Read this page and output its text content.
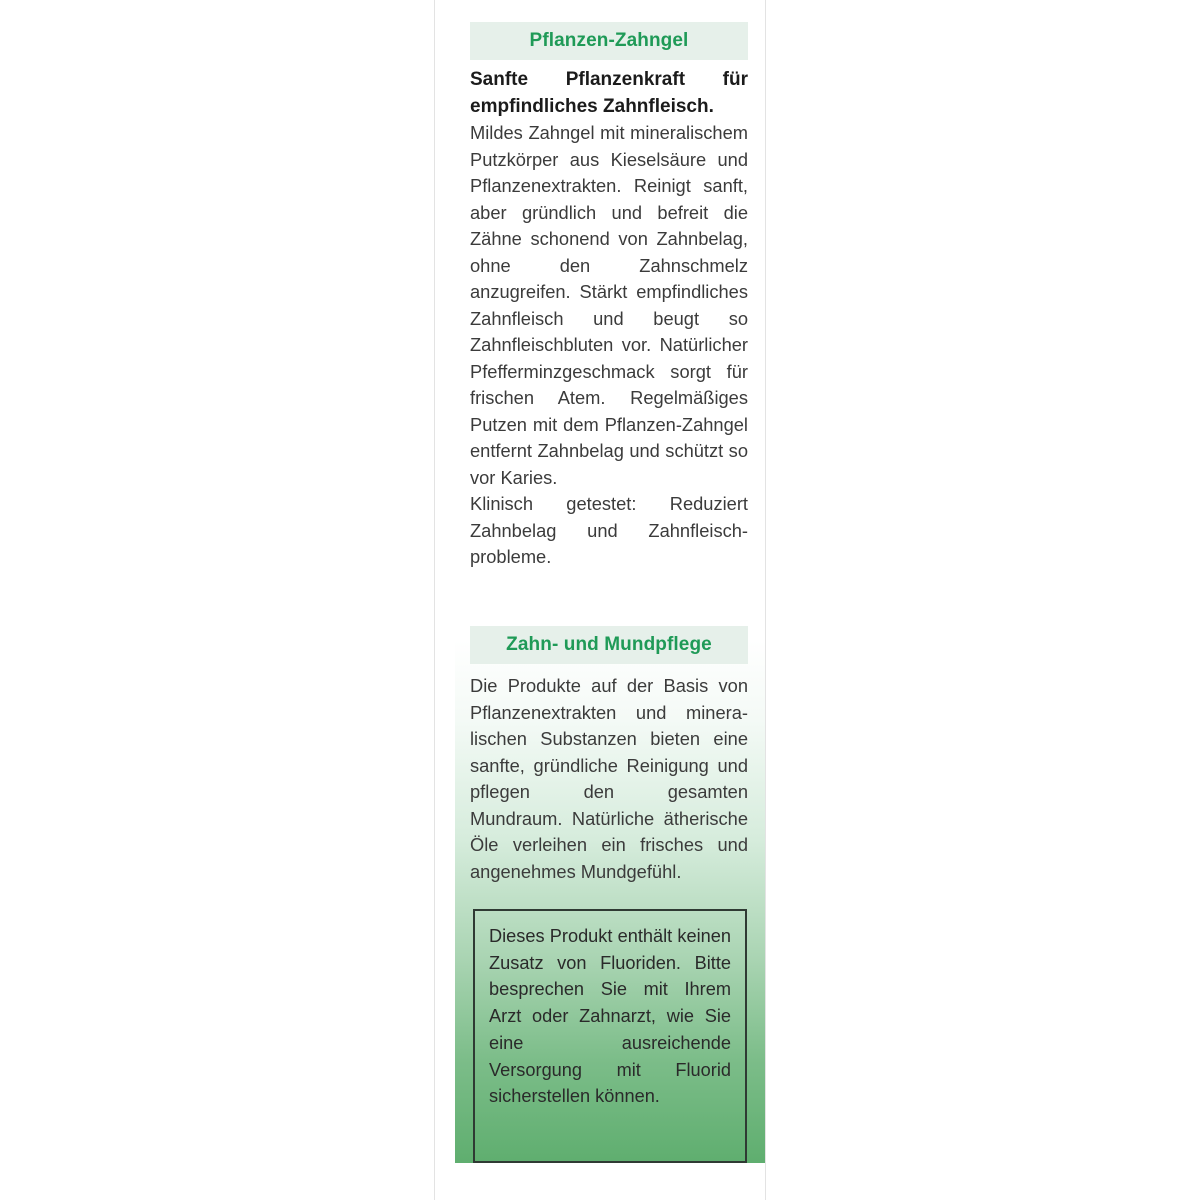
Pflanzen-Zahngel
Sanfte Pflanzenkraft für empfindliches Zahnfleisch.
Mildes Zahngel mit mineralischem Putzkörper aus Kieselsäure und Pflanzenextrakten. Reinigt sanft, aber gründlich und befreit die Zähne schonend von Zahnbelag, ohne den Zahnschmelz anzugreifen. Stärkt empfindliches Zahnfleisch und beugt so Zahnfleischbluten vor. Natürlicher Pfefferminzgeschmack sorgt für frischen Atem. Regelmäßiges Putzen mit dem Pflanzen-Zahngel entfernt Zahnbelag und schützt so vor Karies.
Klinisch getestet: Reduziert Zahnbelag und Zahnfleischprobleme.
Zahn- und Mundpflege
Die Produkte auf der Basis von Pflanzenextrakten und mineralischen Substanzen bieten eine sanfte, gründliche Reinigung und pflegen den gesamten Mundraum. Natürliche ätherische Öle verleihen ein frisches und angenehmes Mundgefühl.
Dieses Produkt enthält keinen Zusatz von Fluoriden. Bitte besprechen Sie mit Ihrem Arzt oder Zahnarzt, wie Sie eine ausreichende Versorgung mit Fluorid sicherstellen können.
